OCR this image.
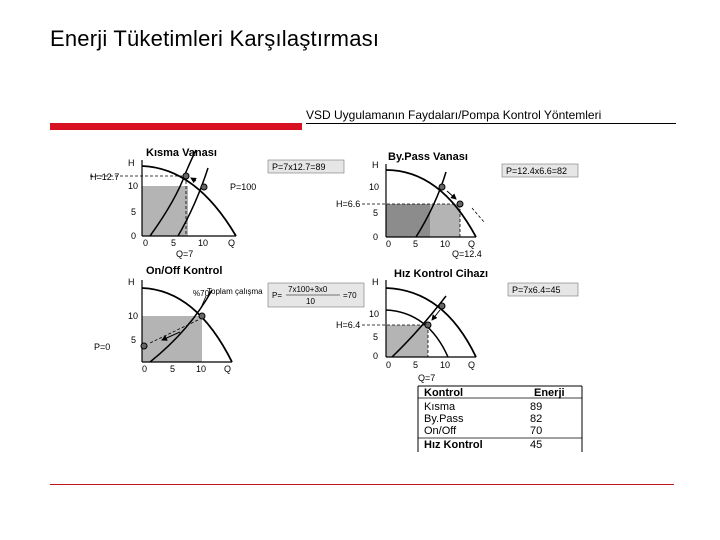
Enerji Tüketimleri Karşılaştırması
VSD Uygulamanın Faydaları/Pompa Kontrol Yöntemleri
Kısma Vanası
H
H=12.7
10
5
0
0	5 10 Q
Q=7
P=100
P=7x12.7=89
By.Pass Vanası
H
H=6.6
10
5
0
0 5 10 Q
Q=12.4
P=12.4x6.6=82
On/Off Kontrol
H
%70
Toplam çalışma
P=0
10
5
0	5 10 Q
P=
7x100+3x0
10
=70
Hız Kontrol Cihazı
H
H=6.4
10
5
0
0 5 10 Q
Q=7
P=7x6.4=45
Kontrol	Enerji
Kısma	89
By.Pass	82
On/Off	70
Hız Kontrol	45
